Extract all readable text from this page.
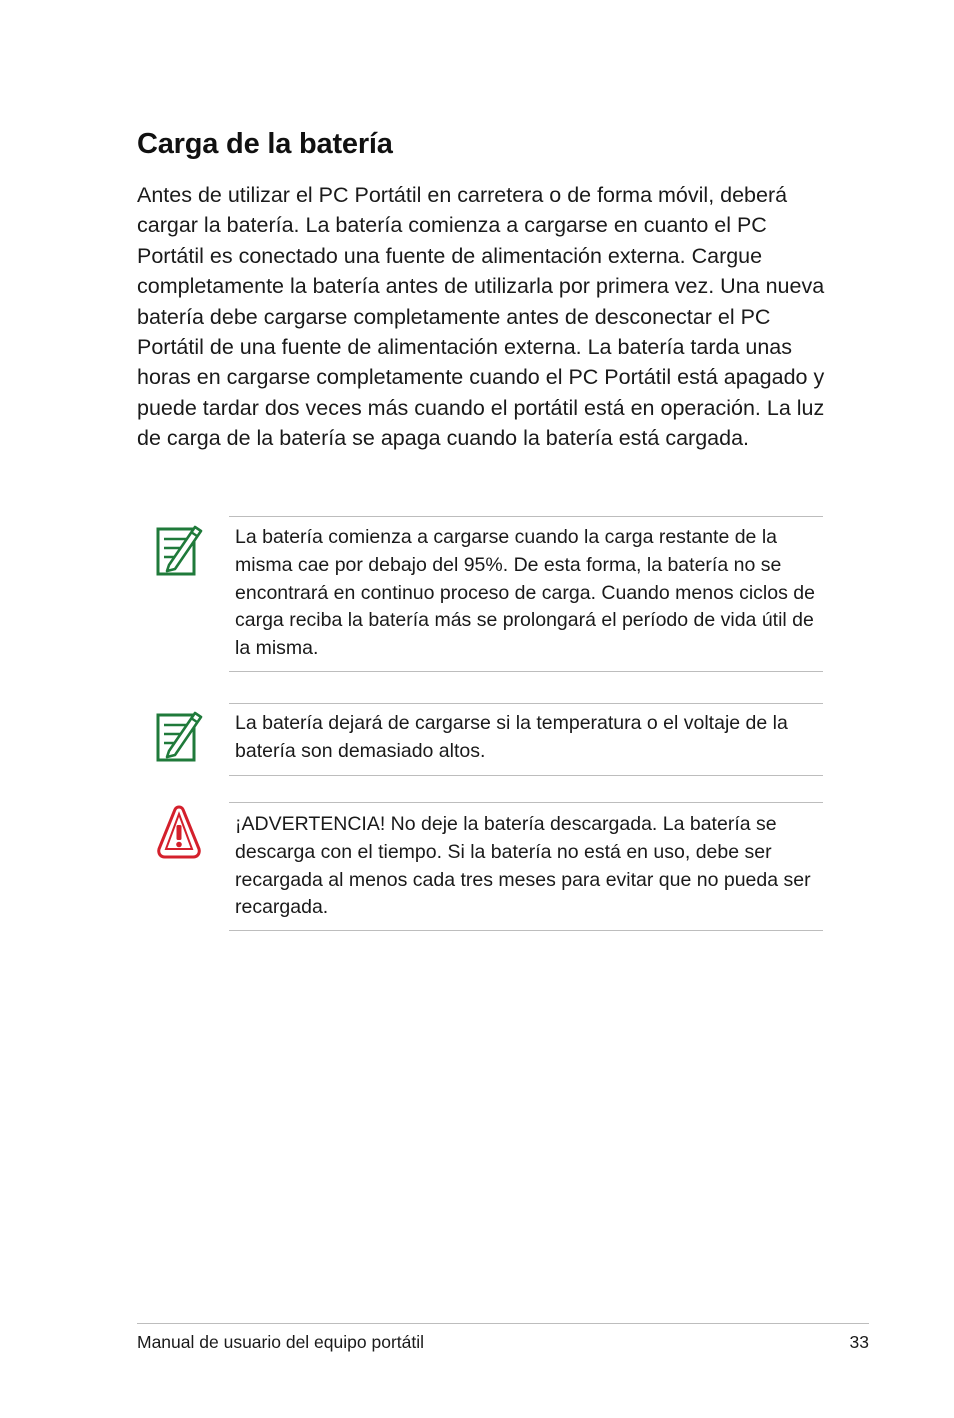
Carga de la batería

Antes de utilizar el PC Portátil en carretera o de forma móvil, deberá cargar la batería. La batería comienza a cargarse en cuanto el PC Portátil es conectado una fuente de alimentación externa. Cargue completamente la batería antes de utilizarla por primera vez. Una nueva batería debe cargarse completamente antes de desconectar el PC Portátil de una fuente de alimentación externa. La batería tarda unas horas en cargarse completamente cuando el PC Portátil está apagado y puede tardar dos veces más cuando el portátil está en operación. La luz de carga de la batería se apaga cuando la batería está cargada.

La batería comienza a cargarse cuando la carga restante de la misma cae por debajo del 95%. De esta forma, la batería no se encontrará en continuo proceso de carga. Cuando menos ciclos de carga reciba la batería más se prolongará el período de vida útil de la misma.

La batería dejará de cargarse si la temperatura o el voltaje de la batería son demasiado altos.

¡ADVERTENCIA! No deje la batería descargada. La batería se descarga con el tiempo. Si la batería no está en uso, debe ser recargada al menos cada tres meses para evitar que no pueda ser recargada.

Manual de usuario del equipo portátil	33
